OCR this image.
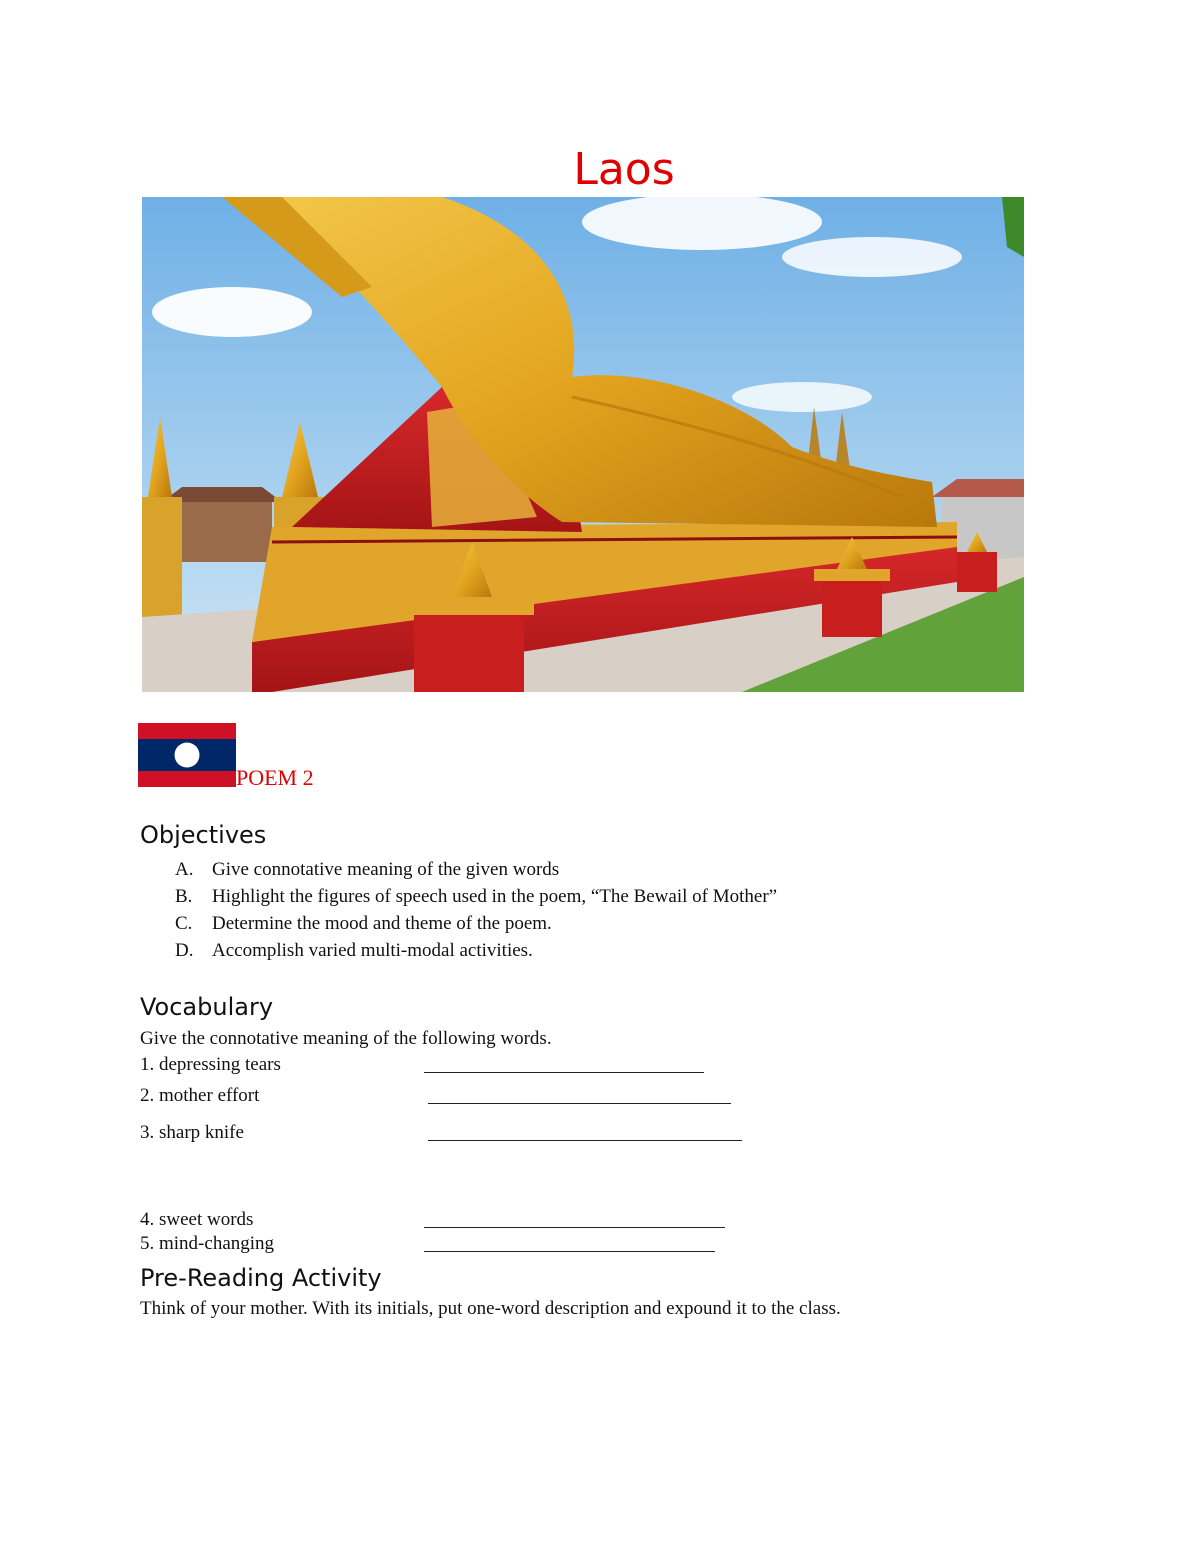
Laos
POEM 2
Objectives
A. Give connotative meaning of the given words
B.	Highlight the figures of speech used in the poem, “The Bewail of Mother”
C.	Determine the mood and theme of the poem.
D. Accomplish varied multi-modal activities.
Vocabulary
Give the connotative meaning of the following words.
1. depressing tears
2. mother effort
3. sharp knife
4. sweet words
5. mind-changing
Pre-Reading Activity
Think of your mother. With its initials, put one-word description and expound it to the class.
